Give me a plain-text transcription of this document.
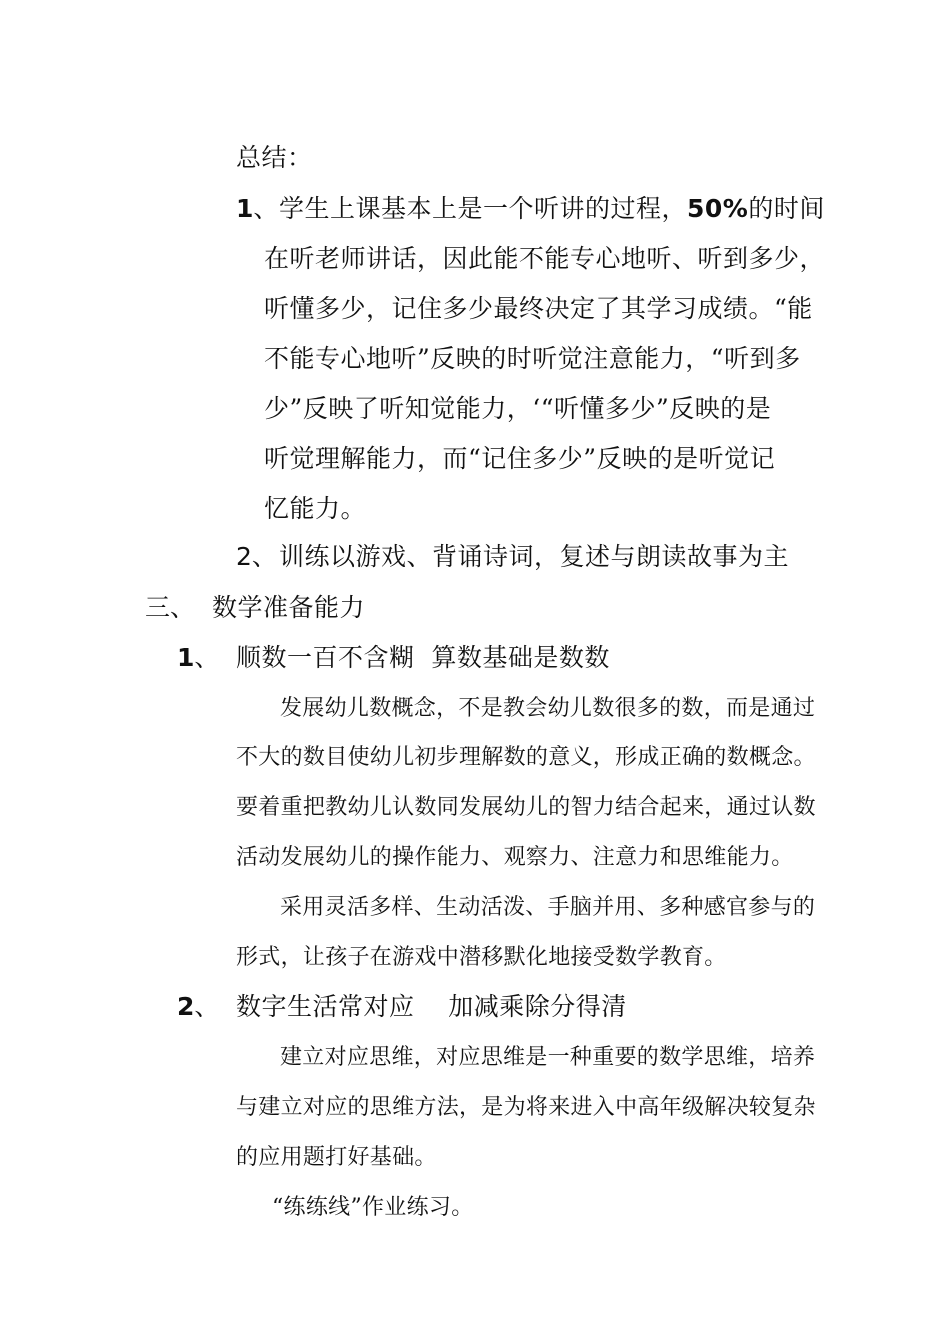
总结：
1、 学生上课基本上是一个听讲的过程，50%的时间
在听老师讲话，因此能不能专心地听、听到多少，
听懂多少，记住多少最终决定了其学习成绩。“能
不能专心地听”反映的时听觉注意能力，“听到多
少”反映了听知觉能力，‘“听懂多少”反映的是
听觉理解能力，而“记住多少”反映的是听觉记
忆能力。
2、 训练以游戏、背诵诗词，复述与朗读故事为主
三、 数学准备能力
1、 顺数一百不含糊  算数基础是数数
发展幼儿数概念，不是教会幼儿数很多的数，而是通过
不大的数目使幼儿初步理解数的意义，形成正确的数概念。
要着重把教幼儿认数同发展幼儿的智力结合起来，通过认数
活动发展幼儿的操作能力、观察力、注意力和思维能力。
采用灵活多样、生动活泼、手脑并用、多种感官参与的
形式，让孩子在游戏中潜移默化地接受数学教育。
2、 数字生活常对应    加减乘除分得清
建立对应思维，对应思维是一种重要的数学思维，培养
与建立对应的思维方法，是为将来进入中高年级解决较复杂
的应用题打好基础。
“练练线”作业练习。
